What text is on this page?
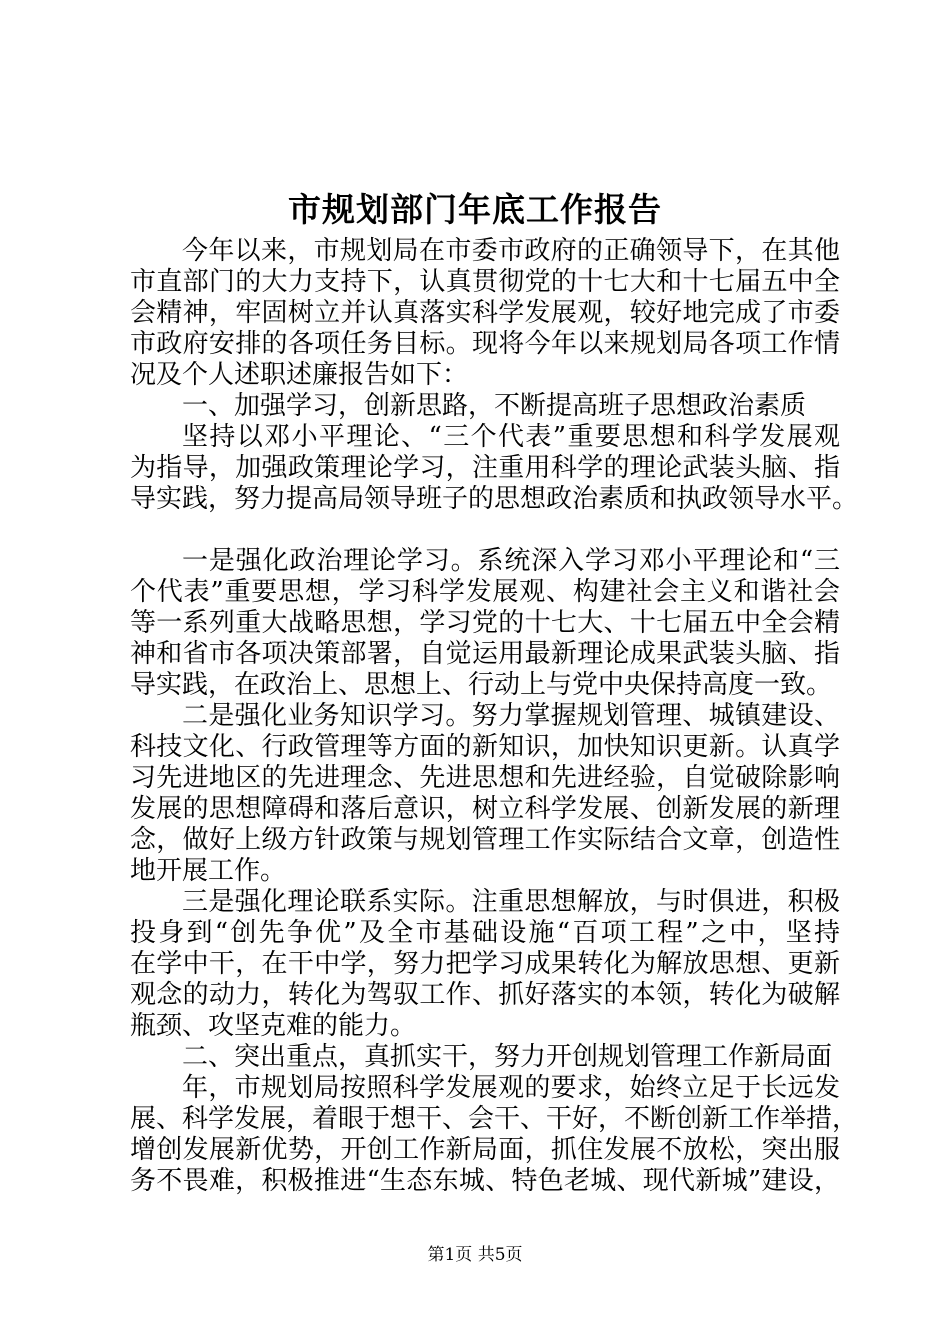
市规划部门年底工作报告
今年以来，市规划局在市委市政府的正确领导下，在其他
市直部门的大力支持下，认真贯彻党的十七大和十七届五中全
会精神，牢固树立并认真落实科学发展观，较好地完成了市委
市政府安排的各项任务目标。现将今年以来规划局各项工作情
况及个人述职述廉报告如下：
一、加强学习，创新思路，不断提高班子思想政治素质
坚持以邓小平理论、“三个代表”重要思想和科学发展观
为指导，加强政策理论学习，注重用科学的理论武装头脑、指
导实践，努力提高局领导班子的思想政治素质和执政领导水平。
一是强化政治理论学习。系统深入学习邓小平理论和“三
个代表”重要思想，学习科学发展观、构建社会主义和谐社会
等一系列重大战略思想，学习党的十七大、十七届五中全会精
神和省市各项决策部署，自觉运用最新理论成果武装头脑、指
导实践，在政治上、思想上、行动上与党中央保持高度一致。
二是强化业务知识学习。努力掌握规划管理、城镇建设、
科技文化、行政管理等方面的新知识，加快知识更新。认真学
习先进地区的先进理念、先进思想和先进经验，自觉破除影响
发展的思想障碍和落后意识，树立科学发展、创新发展的新理
念，做好上级方针政策与规划管理工作实际结合文章，创造性
地开展工作。
三是强化理论联系实际。注重思想解放，与时俱进，积极
投身到“创先争优”及全市基础设施“百项工程”之中，坚持
在学中干，在干中学，努力把学习成果转化为解放思想、更新
观念的动力，转化为驾驭工作、抓好落实的本领，转化为破解
瓶颈、攻坚克难的能力。
二、突出重点，真抓实干，努力开创规划管理工作新局面
年，市规划局按照科学发展观的要求，始终立足于长远发
展、科学发展，着眼于想干、会干、干好，不断创新工作举措，
增创发展新优势，开创工作新局面，抓住发展不放松，突出服
务不畏难，积极推进“生态东城、特色老城、现代新城”建设，
第1页 共5页
